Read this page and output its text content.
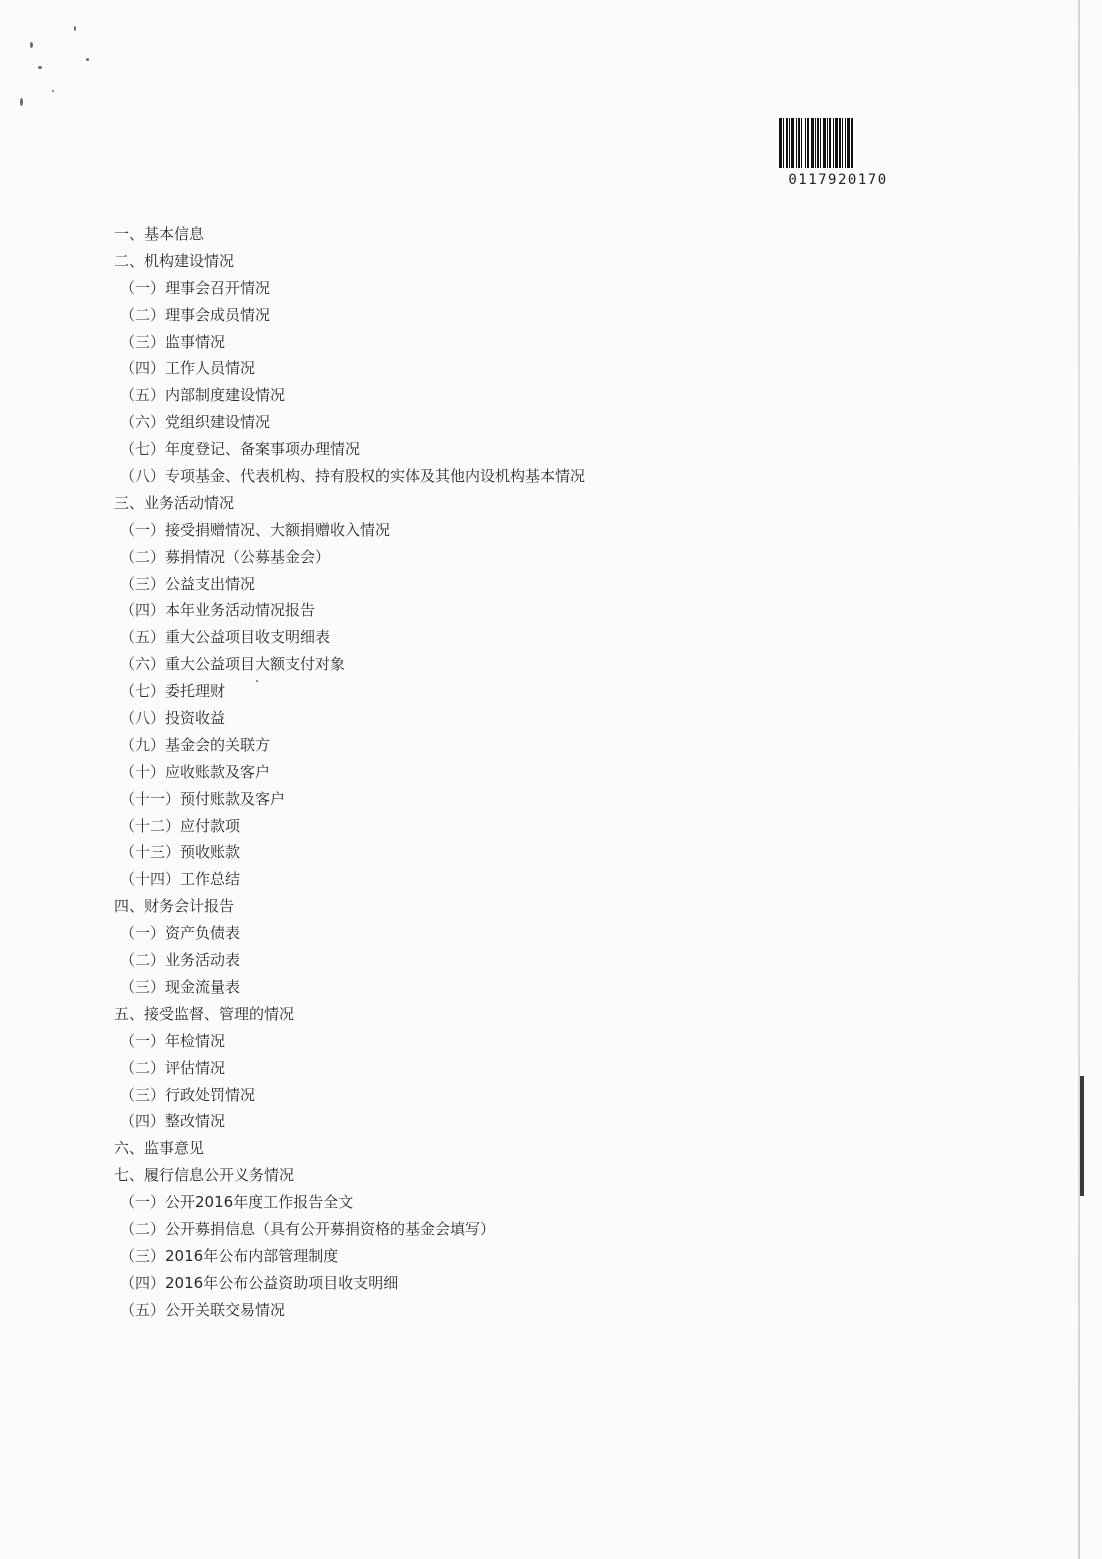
0117920170
一、基本信息
二、机构建设情况
（一）理事会召开情况
（二）理事会成员情况
（三）监事情况
（四）工作人员情况
（五）内部制度建设情况
（六）党组织建设情况
（七）年度登记、备案事项办理情况
（八）专项基金、代表机构、持有股权的实体及其他内设机构基本情况
三、业务活动情况
（一）接受捐赠情况、大额捐赠收入情况
（二）募捐情况（公募基金会）
（三）公益支出情况
（四）本年业务活动情况报告
（五）重大公益项目收支明细表
（六）重大公益项目大额支付对象
（七）委托理财
（八）投资收益
（九）基金会的关联方
（十）应收账款及客户
（十一）预付账款及客户
（十二）应付款项
（十三）预收账款
（十四）工作总结
四、财务会计报告
（一）资产负债表
（二）业务活动表
（三）现金流量表
五、接受监督、管理的情况
（一）年检情况
（二）评估情况
（三）行政处罚情况
（四）整改情况
六、监事意见
七、履行信息公开义务情况
（一）公开2016年度工作报告全文
（二）公开募捐信息（具有公开募捐资格的基金会填写）
（三）2016年公布内部管理制度
（四）2016年公布公益资助项目收支明细
（五）公开关联交易情况
